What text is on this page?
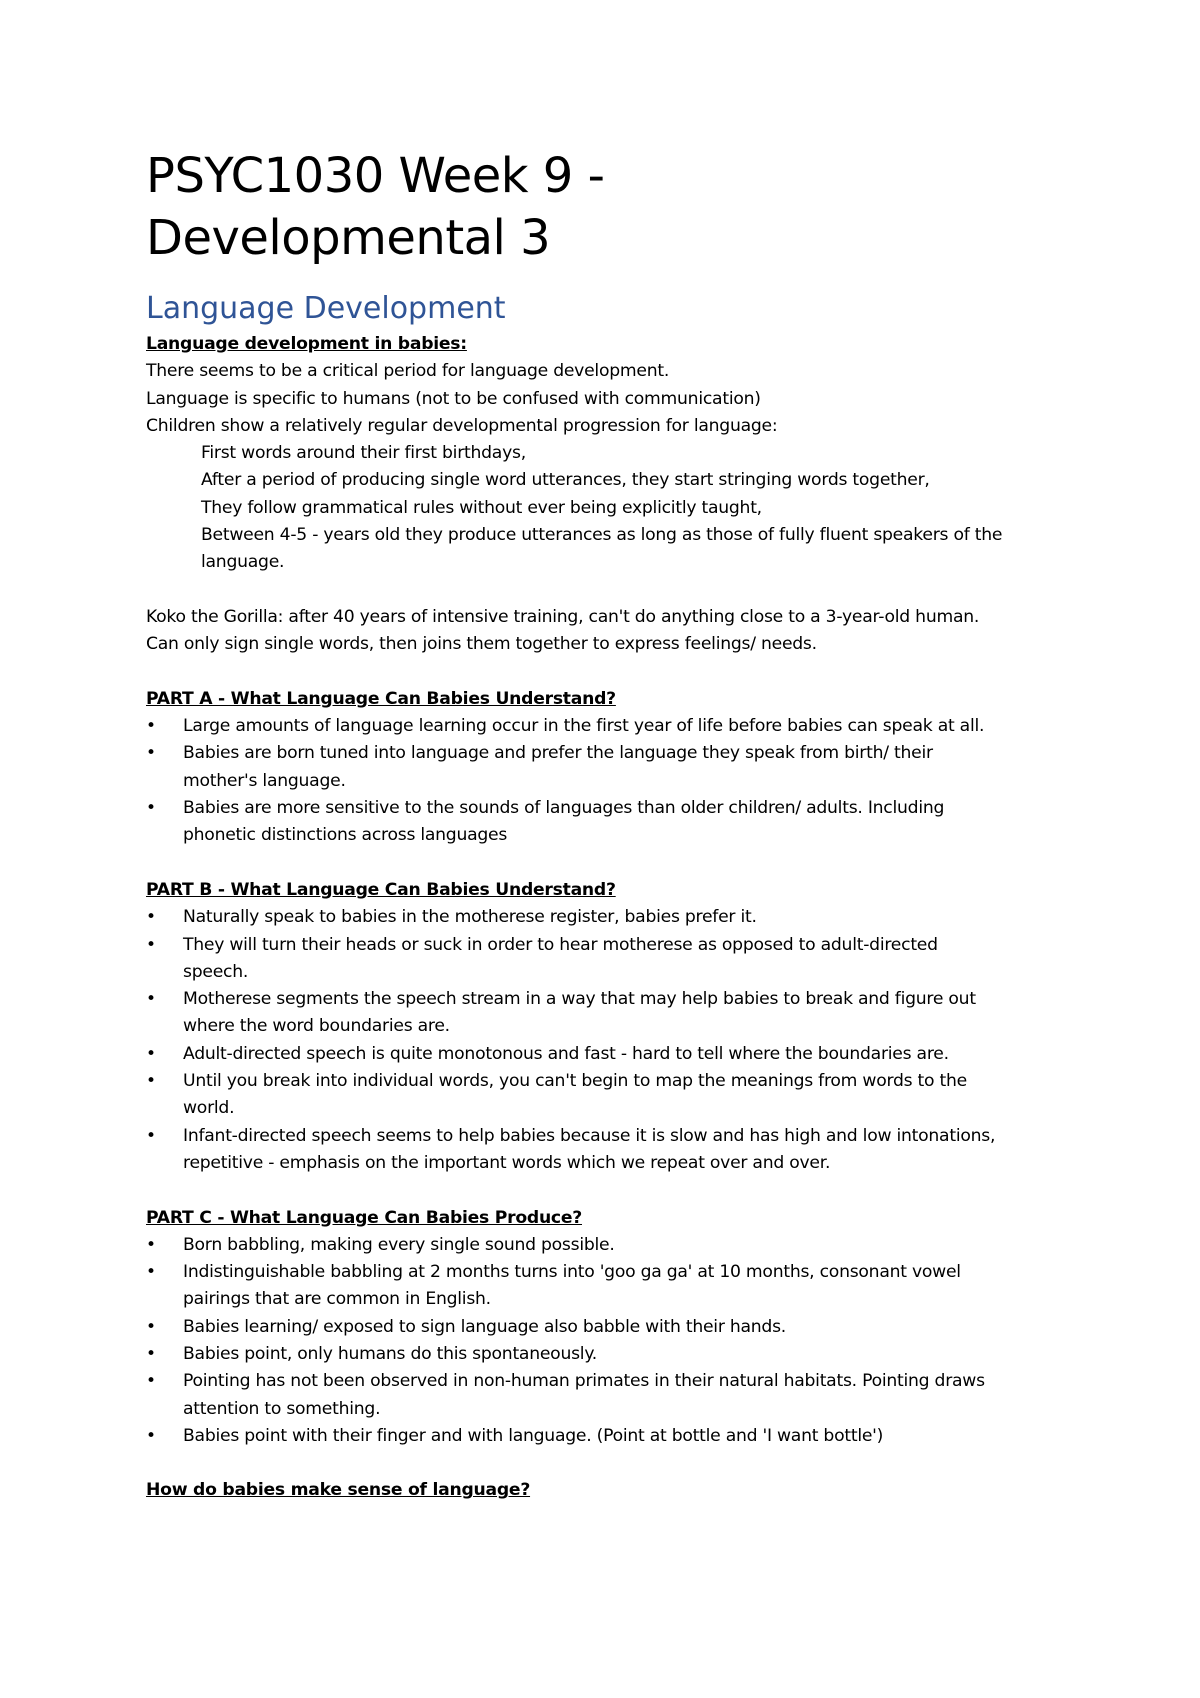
PSYC1030 Week 9 -
Developmental 3
Language Development

Language development in babies:

There seems to be a critical period for language development.

Language is specific to humans (not to be confused with communication)

Children show a relatively regular developmental progression for language:

First words around their first birthdays,

After a period of producing single word utterances, they start stringing words together,

They follow grammatical rules without ever being explicitly taught,

Between 4-5 - years old they produce utterances as long as those of fully fluent speakers of the language.

Koko the Gorilla: after 40 years of intensive training, can't do anything close to a 3-year-old human.

Can only sign single words, then joins them together to express feelings/ needs.

PART A - What Language Can Babies Understand?

• Large amounts of language learning occur in the first year of life before babies can speak at all.
• Babies are born tuned into language and prefer the language they speak from birth/ their mother's language.
• Babies are more sensitive to the sounds of languages than older children/ adults. Including phonetic distinctions across languages

PART B - What Language Can Babies Understand?

• Naturally speak to babies in the motherese register, babies prefer it.
• They will turn their heads or suck in order to hear motherese as opposed to adult-directed speech.
• Motherese segments the speech stream in a way that may help babies to break and figure out where the word boundaries are.
• Adult-directed speech is quite monotonous and fast - hard to tell where the boundaries are.
• Until you break into individual words, you can't begin to map the meanings from words to the world.
• Infant-directed speech seems to help babies because it is slow and has high and low intonations, repetitive - emphasis on the important words which we repeat over and over.

PART C - What Language Can Babies Produce?

• Born babbling, making every single sound possible.
• Indistinguishable babbling at 2 months turns into 'goo ga ga' at 10 months, consonant vowel pairings that are common in English.
• Babies learning/ exposed to sign language also babble with their hands.
• Babies point, only humans do this spontaneously.
• Pointing has not been observed in non-human primates in their natural habitats. Pointing draws attention to something.
• Babies point with their finger and with language. (Point at bottle and 'I want bottle')

How do babies make sense of language?
